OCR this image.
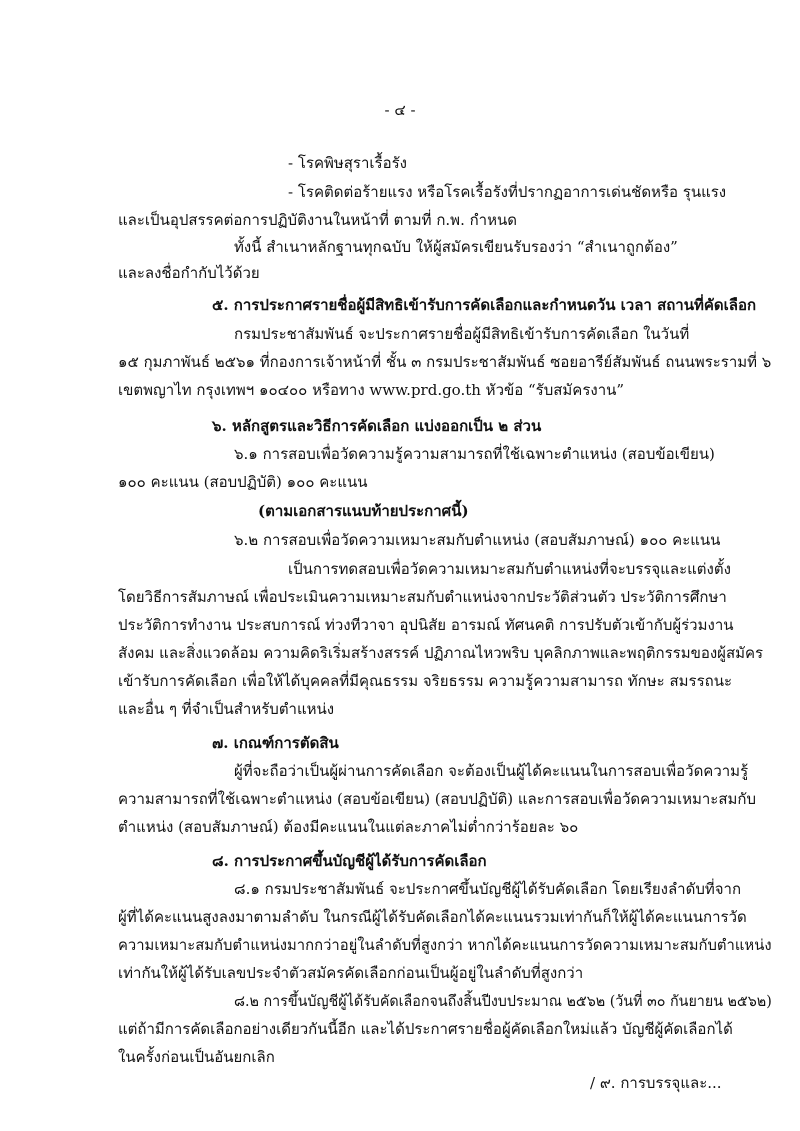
- ๔ -
- โรคพิษสุราเรื้อรัง
- โรคติดต่อร้ายแรง หรือโรคเรื้อรังที่ปรากฏอาการเด่นชัดหรือ รุนแรง
และเป็นอุปสรรคต่อการปฏิบัติงานในหน้าที่ ตามที่ ก.พ. กำหนด
ทั้งนี้ สำเนาหลักฐานทุกฉบับ ให้ผู้สมัครเขียนรับรองว่า “สำเนาถูกต้อง”
และลงชื่อกำกับไว้ด้วย
๕. การประกาศรายชื่อผู้มีสิทธิเข้ารับการคัดเลือกและกำหนดวัน เวลา สถานที่คัดเลือก
กรมประชาสัมพันธ์ จะประกาศรายชื่อผู้มีสิทธิเข้ารับการคัดเลือก ในวันที่
๑๕ กุมภาพันธ์ ๒๕๖๑ ที่กองการเจ้าหน้าที่ ชั้น ๓ กรมประชาสัมพันธ์ ซอยอารีย์สัมพันธ์ ถนนพระรามที่ ๖
เขตพญาไท กรุงเทพฯ ๑๐๔๐๐ หรือทาง www.prd.go.th หัวข้อ “รับสมัครงาน”
๖. หลักสูตรและวิธีการคัดเลือก แบ่งออกเป็น ๒ ส่วน
๖.๑ การสอบเพื่อวัดความรู้ความสามารถที่ใช้เฉพาะตำแหน่ง (สอบข้อเขียน)
๑๐๐ คะแนน (สอบปฏิบัติ) ๑๐๐ คะแนน
(ตามเอกสารแนบท้ายประกาศนี้)
๖.๒ การสอบเพื่อวัดความเหมาะสมกับตำแหน่ง (สอบสัมภาษณ์) ๑๐๐ คะแนน
เป็นการทดสอบเพื่อวัดความเหมาะสมกับตำแหน่งที่จะบรรจุและแต่งตั้ง
โดยวิธีการสัมภาษณ์ เพื่อประเมินความเหมาะสมกับตำแหน่งจากประวัติส่วนตัว ประวัติการศึกษา
ประวัติการทำงาน ประสบการณ์ ท่วงทีวาจา อุปนิสัย อารมณ์ ทัศนคติ การปรับตัวเข้ากับผู้ร่วมงาน
สังคม และสิ่งแวดล้อม ความคิดริเริ่มสร้างสรรค์ ปฏิภาณไหวพริบ บุคลิกภาพและพฤติกรรมของผู้สมัคร
เข้ารับการคัดเลือก เพื่อให้ได้บุคคลที่มีคุณธรรม จริยธรรม ความรู้ความสามารถ ทักษะ สมรรถนะ
และอื่น ๆ ที่จำเป็นสำหรับตำแหน่ง
๗. เกณฑ์การตัดสิน
ผู้ที่จะถือว่าเป็นผู้ผ่านการคัดเลือก จะต้องเป็นผู้ได้คะแนนในการสอบเพื่อวัดความรู้
ความสามารถที่ใช้เฉพาะตำแหน่ง (สอบข้อเขียน) (สอบปฏิบัติ) และการสอบเพื่อวัดความเหมาะสมกับ
ตำแหน่ง (สอบสัมภาษณ์) ต้องมีคะแนนในแต่ละภาคไม่ต่ำกว่าร้อยละ ๖๐
๘. การประกาศขึ้นบัญชีผู้ได้รับการคัดเลือก
๘.๑ กรมประชาสัมพันธ์ จะประกาศขึ้นบัญชีผู้ได้รับคัดเลือก โดยเรียงลำดับที่จาก
ผู้ที่ได้คะแนนสูงลงมาตามลำดับ ในกรณีผู้ได้รับคัดเลือกได้คะแนนรวมเท่ากันก็ให้ผู้ได้คะแนนการวัด
ความเหมาะสมกับตำแหน่งมากกว่าอยู่ในลำดับที่สูงกว่า หากได้คะแนนการวัดความเหมาะสมกับตำแหน่ง
เท่ากันให้ผู้ได้รับเลขประจำตัวสมัครคัดเลือกก่อนเป็นผู้อยู่ในลำดับที่สูงกว่า
๘.๒ การขึ้นบัญชีผู้ได้รับคัดเลือกจนถึงสิ้นปีงบประมาณ ๒๕๖๒ (วันที่ ๓๐ กันยายน ๒๕๖๒)
แต่ถ้ามีการคัดเลือกอย่างเดียวกันนี้อีก และได้ประกาศรายชื่อผู้คัดเลือกใหม่แล้ว บัญชีผู้คัดเลือกได้
ในครั้งก่อนเป็นอันยกเลิก
/ ๙. การบรรจุและ...
